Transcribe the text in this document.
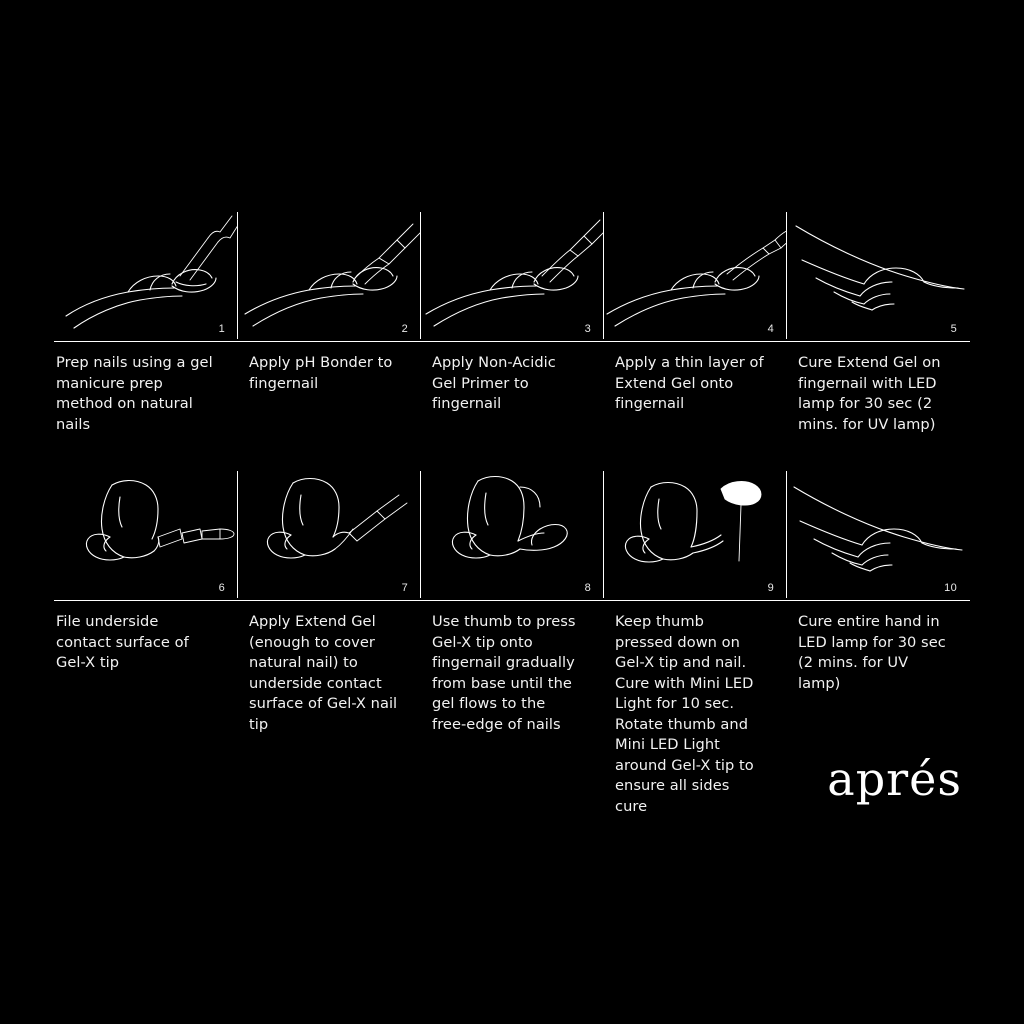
1	2	3	4	5
Prep nails using a gel manicure prep method on natural nails
Apply pH Bonder to fingernail
Apply Non-Acidic Gel Primer to fingernail
Apply a thin layer of Extend Gel onto fingernail
Cure Extend Gel on fingernail with LED lamp for 30 sec (2 mins. for UV lamp)
6	7	8	9	10
File underside contact surface of Gel-X tip
Apply Extend Gel (enough to cover natural nail) to underside contact surface of Gel-X nail tip
Use thumb to press Gel-X tip onto fingernail gradually from base until the gel flows to the free-edge of nails
Keep thumb pressed down on Gel-X tip and nail. Cure with Mini LED Light for 10 sec. Rotate thumb and Mini LED Light around Gel-X tip to ensure all sides cure
Cure entire hand in LED lamp for 30 sec (2 mins. for UV lamp)
aprés
